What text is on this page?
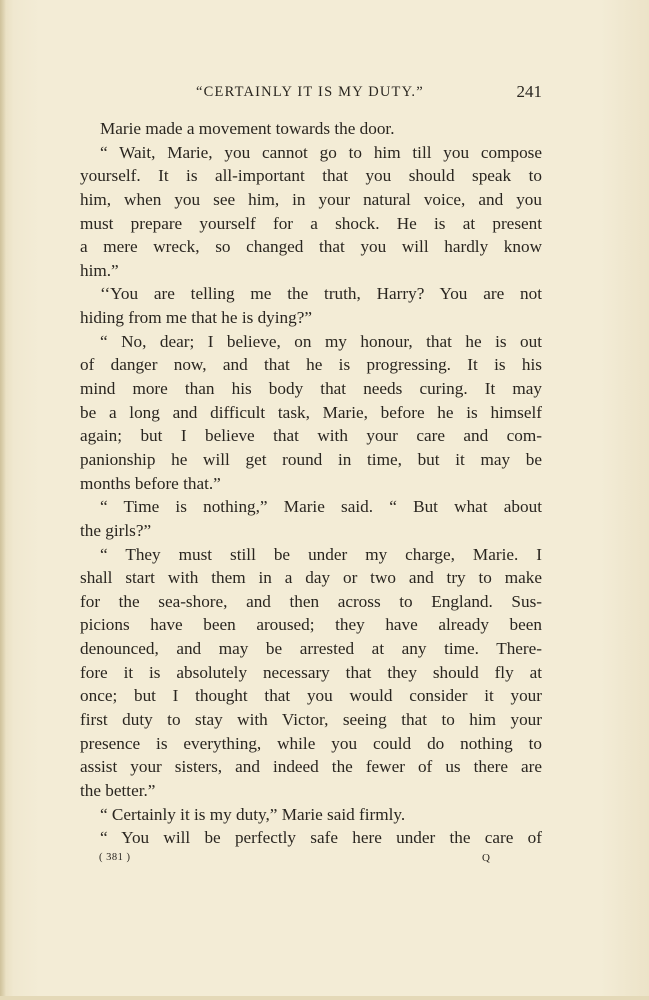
“CERTAINLY IT IS MY DUTY.”	241
Marie made a movement towards the door.
“ Wait, Marie, you cannot go to him till you compose
yourself. It is all-important that you should speak to
him, when you see him, in your natural voice, and you
must prepare yourself for a shock. He is at present
a mere wreck, so changed that you will hardly know
him.”
‘‘You are telling me the truth, Harry? You are not
hiding from me that he is dying?”
“ No, dear; I believe, on my honour, that he is out
of danger now, and that he is progressing. It is his
mind more than his body that needs curing. It may
be a long and difficult task, Marie, before he is himself
again; but I believe that with your care and com-
panionship he will get round in time, but it may be
months before that.”
“ Time is nothing,” Marie said. “ But what about
the girls?”
“ They must still be under my charge, Marie. I
shall start with them in a day or two and try to make
for the sea-shore, and then across to England. Sus-
picions have been aroused; they have already been
denounced, and may be arrested at any time. There-
fore it is absolutely necessary that they should fly at
once; but I thought that you would consider it your
first duty to stay with Victor, seeing that to him your
presence is everything, while you could do nothing to
assist your sisters, and indeed the fewer of us there are
the better.”
“ Certainly it is my duty,” Marie said firmly.
“ You will be perfectly safe here under the care of
( 381 )	Q
